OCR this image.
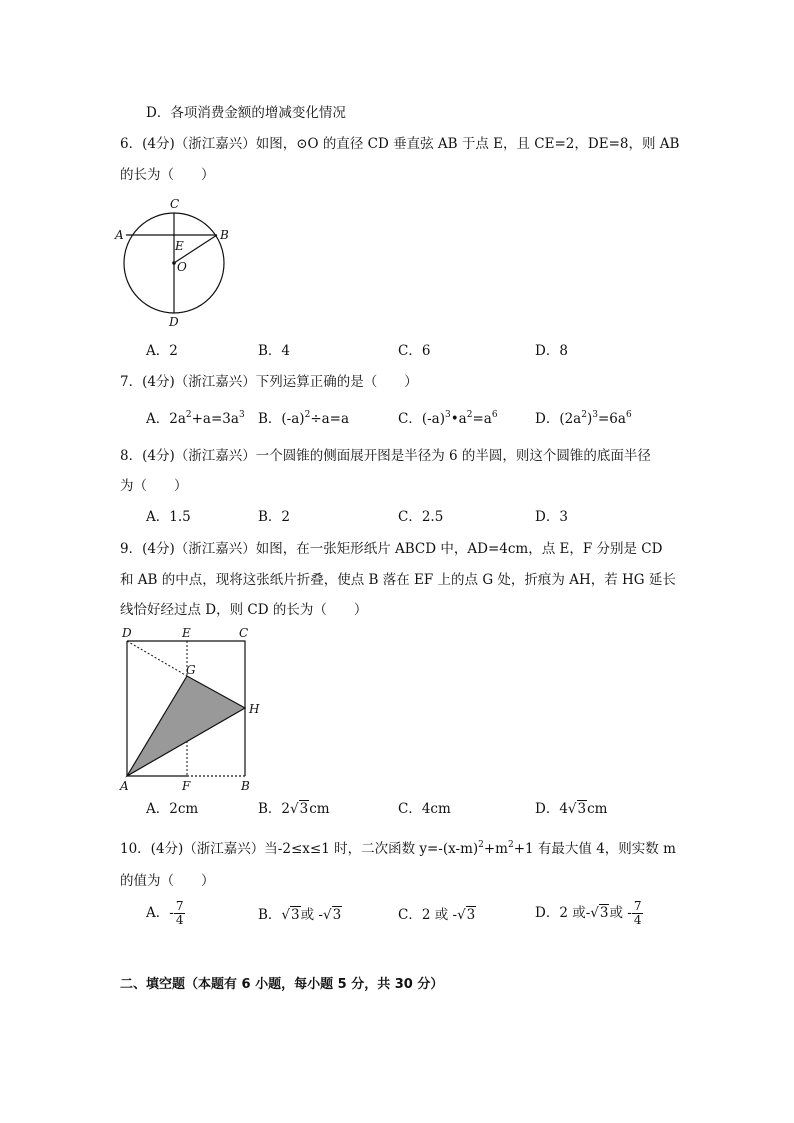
D．各项消费金额的增减变化情况
6．(4分)（浙江嘉兴）如图，⊙O 的直径 CD 垂直弦 AB 于点 E，且 CE=2，DE=8，则 AB
的长为（　　）
C
A	B
E
O
D
A．2	B．4	C．6	D．8
7．(4分)（浙江嘉兴）下列运算正确的是（　　）
A．$2a^2+a=3a^3$ B．$(-a)^2\div a=a$	C．$(-a)^3•a^2=a^6$	D．$(2a^2)^3=6a^6$
8．(4分)（浙江嘉兴）一个圆锥的侧面展开图是半径为 6 的半圆，则这个圆锥的底面半径
为（　　）
A．1.5	B．2	C．2.5	D．3
9．(4分)（浙江嘉兴）如图，在一张矩形纸片 ABCD 中，AD=4cm，点 E，F 分别是 CD
和 AB 的中点，现将这张纸片折叠，使点 B 落在 EF 上的点 G 处，折痕为 AH，若 HG 延长
线恰好经过点 D，则 CD 的长为（　　）
D	E	C
G
H
A	F	B
A．2cm	B．2√3cm	C．4cm	D．4√3cm
10．(4分)（浙江嘉兴）当-2≤x≤1 时，二次函数 $y=-(x-m)^2+m^2+1$ 有最大值 4，则实数 m
的值为（　　）
A．- $\frac{7}{4}$	B．√3或 -√3	C．2 或 -√3	D．2 或-√3或 - $\frac{7}{4}$
二、填空题（本题有 6 小题，每小题 5 分，共 30 分）
